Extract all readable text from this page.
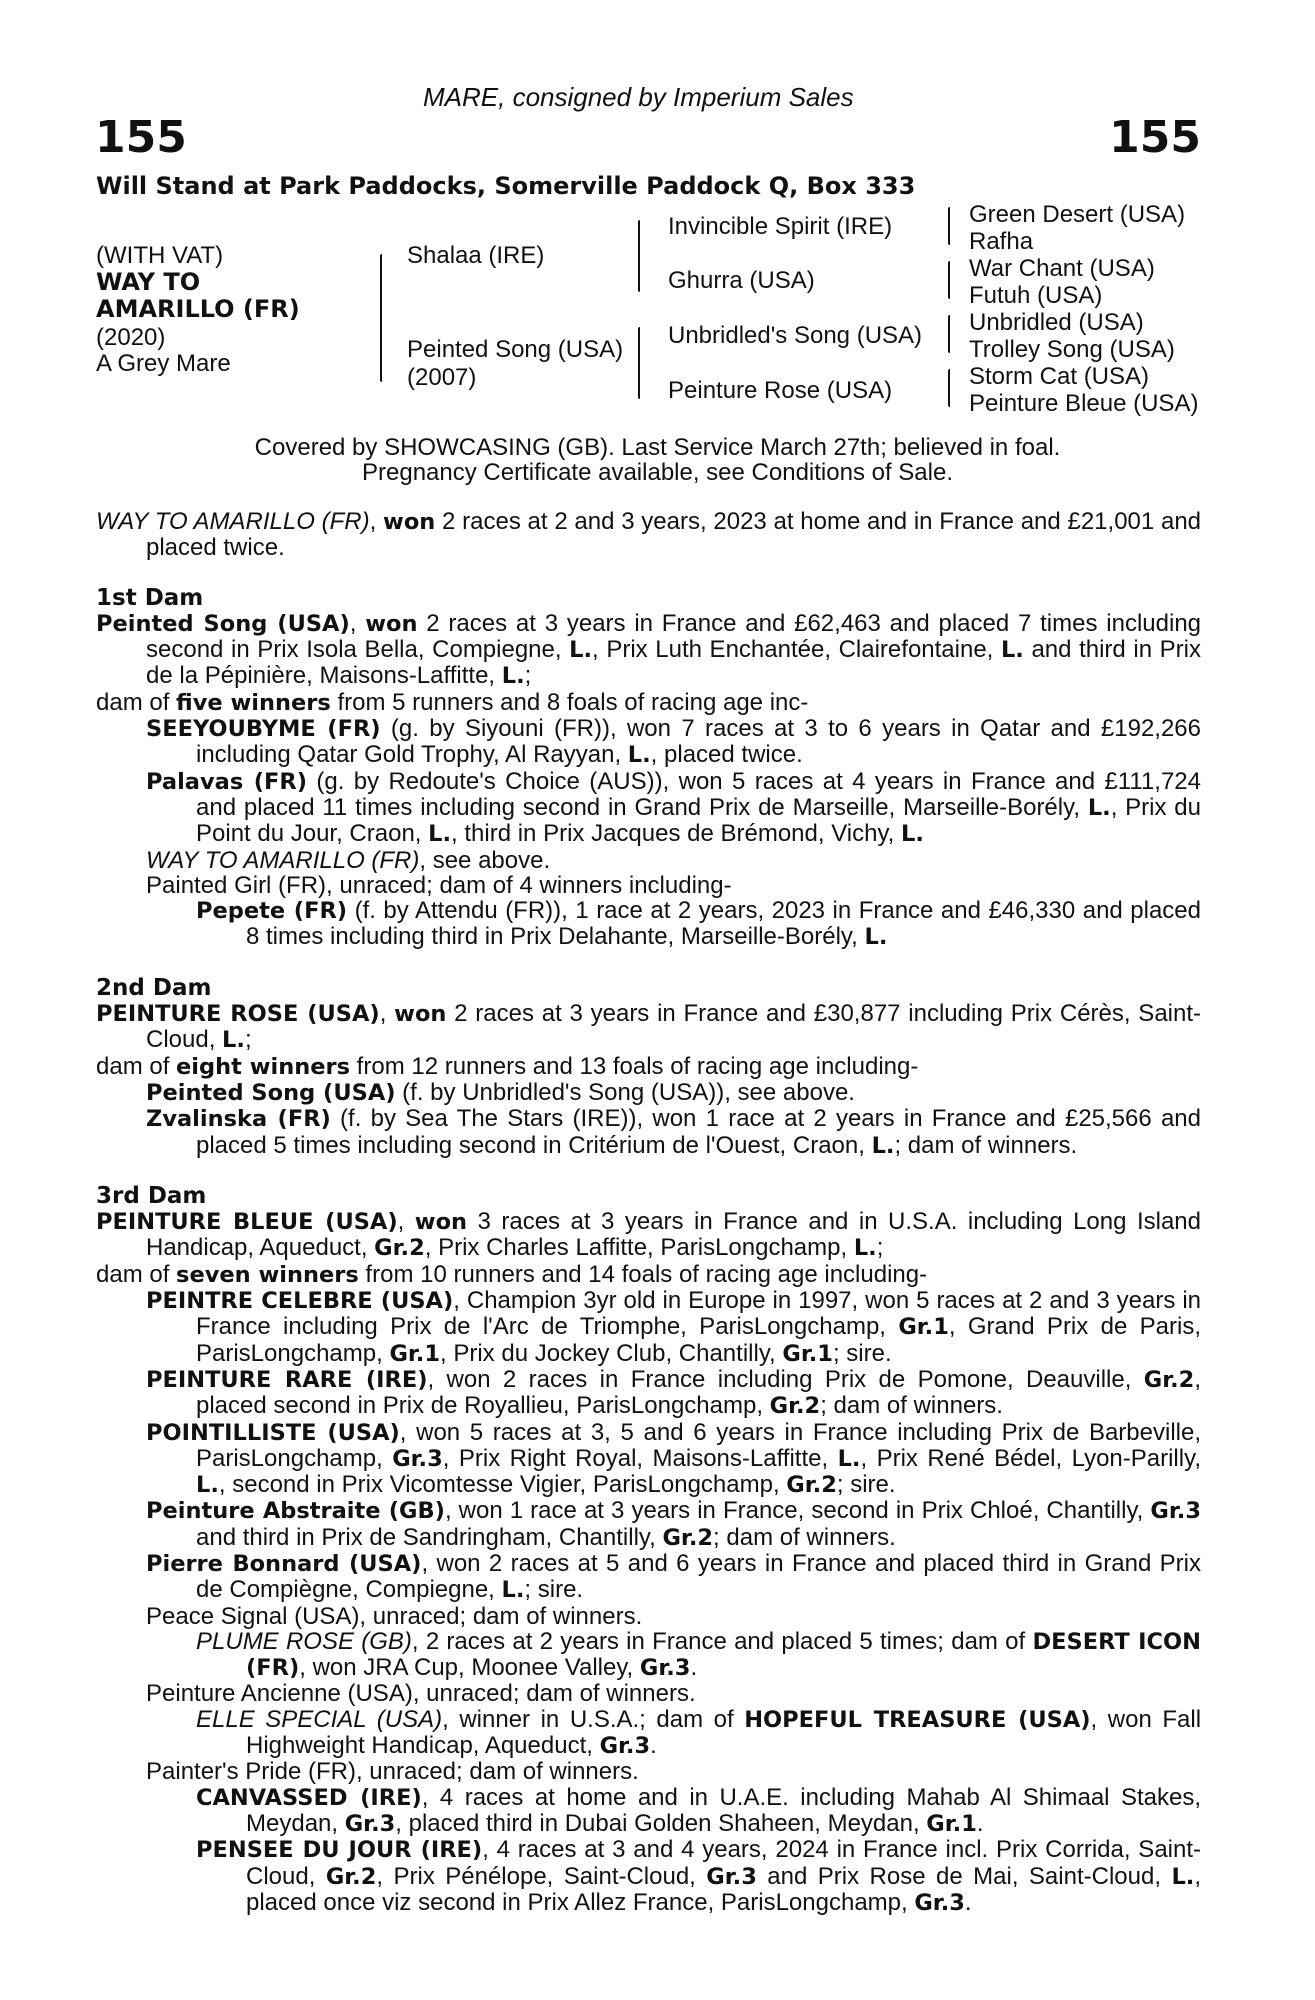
MARE, consigned by Imperium Sales
155	155
Will Stand at Park Paddocks, Somerville Paddock Q, Box 333
(WITH VAT)
WAY TO
AMARILLO (FR)
(2020)
A Grey Mare
Shalaa (IRE)
Peinted Song (USA)
(2007)
Invincible Spirit (IRE)
Ghurra (USA)
Unbridled's Song (USA)
Peinture Rose (USA)
Green Desert (USA)
Rafha
War Chant (USA)
Futuh (USA)
Unbridled (USA)
Trolley Song (USA)
Storm Cat (USA)
Peinture Bleue (USA)
Covered by SHOWCASING (GB). Last Service March 27th; believed in foal.
Pregnancy Certificate available, see Conditions of Sale.

WAY TO AMARILLO (FR), won 2 races at 2 and 3 years, 2023 at home and in France and £21,001 and placed twice.

1st Dam

Peinted Song (USA), won 2 races at 3 years in France and £62,463 and placed 7 times including second in Prix Isola Bella, Compiegne, L., Prix Luth Enchantée, Clairefontaine, L. and third in Prix de la Pépinière, Maisons-Laffitte, L.;

dam of five winners from 5 runners and 8 foals of racing age inc-

SEEYOUBYME (FR) (g. by Siyouni (FR)), won 7 races at 3 to 6 years in Qatar and £192,266 including Qatar Gold Trophy, Al Rayyan, L., placed twice.

Palavas (FR) (g. by Redoute's Choice (AUS)), won 5 races at 4 years in France and £111,724 and placed 11 times including second in Grand Prix de Marseille, Marseille-Borély, L., Prix du Point du Jour, Craon, L., third in Prix Jacques de Brémond, Vichy, L.

WAY TO AMARILLO (FR), see above.

Painted Girl (FR), unraced; dam of 4 winners including-

Pepete (FR) (f. by Attendu (FR)), 1 race at 2 years, 2023 in France and £46,330 and placed 8 times including third in Prix Delahante, Marseille-Borély, L.

2nd Dam

PEINTURE ROSE (USA), won 2 races at 3 years in France and £30,877 including Prix Cérès, Saint-Cloud, L.;

dam of eight winners from 12 runners and 13 foals of racing age including-

Peinted Song (USA) (f. by Unbridled's Song (USA)), see above.

Zvalinska (FR) (f. by Sea The Stars (IRE)), won 1 race at 2 years in France and £25,566 and placed 5 times including second in Critérium de l'Ouest, Craon, L.; dam of winners.

3rd Dam

PEINTURE BLEUE (USA), won 3 races at 3 years in France and in U.S.A. including Long Island Handicap, Aqueduct, Gr.2, Prix Charles Laffitte, ParisLongchamp, L.;

dam of seven winners from 10 runners and 14 foals of racing age including-

PEINTRE CELEBRE (USA), Champion 3yr old in Europe in 1997, won 5 races at 2 and 3 years in France including Prix de l'Arc de Triomphe, ParisLongchamp, Gr.1, Grand Prix de Paris, ParisLongchamp, Gr.1, Prix du Jockey Club, Chantilly, Gr.1; sire.

PEINTURE RARE (IRE), won 2 races in France including Prix de Pomone, Deauville, Gr.2, placed second in Prix de Royallieu, ParisLongchamp, Gr.2; dam of winners.

POINTILLISTE (USA), won 5 races at 3, 5 and 6 years in France including Prix de Barbeville, ParisLongchamp, Gr.3, Prix Right Royal, Maisons-Laffitte, L., Prix René Bédel, Lyon-Parilly, L., second in Prix Vicomtesse Vigier, ParisLongchamp, Gr.2; sire.

Peinture Abstraite (GB), won 1 race at 3 years in France, second in Prix Chloé, Chantilly, Gr.3 and third in Prix de Sandringham, Chantilly, Gr.2; dam of winners.

Pierre Bonnard (USA), won 2 races at 5 and 6 years in France and placed third in Grand Prix de Compiègne, Compiegne, L.; sire.

Peace Signal (USA), unraced; dam of winners.

PLUME ROSE (GB), 2 races at 2 years in France and placed 5 times; dam of DESERT ICON (FR), won JRA Cup, Moonee Valley, Gr.3.

Peinture Ancienne (USA), unraced; dam of winners.

ELLE SPECIAL (USA), winner in U.S.A.; dam of HOPEFUL TREASURE (USA), won Fall Highweight Handicap, Aqueduct, Gr.3.

Painter's Pride (FR), unraced; dam of winners.

CANVASSED (IRE), 4 races at home and in U.A.E. including Mahab Al Shimaal Stakes, Meydan, Gr.3, placed third in Dubai Golden Shaheen, Meydan, Gr.1.

PENSEE DU JOUR (IRE), 4 races at 3 and 4 years, 2024 in France incl. Prix Corrida, Saint-Cloud, Gr.2, Prix Pénélope, Saint-Cloud, Gr.3 and Prix Rose de Mai, Saint-Cloud, L., placed once viz second in Prix Allez France, ParisLongchamp, Gr.3.
